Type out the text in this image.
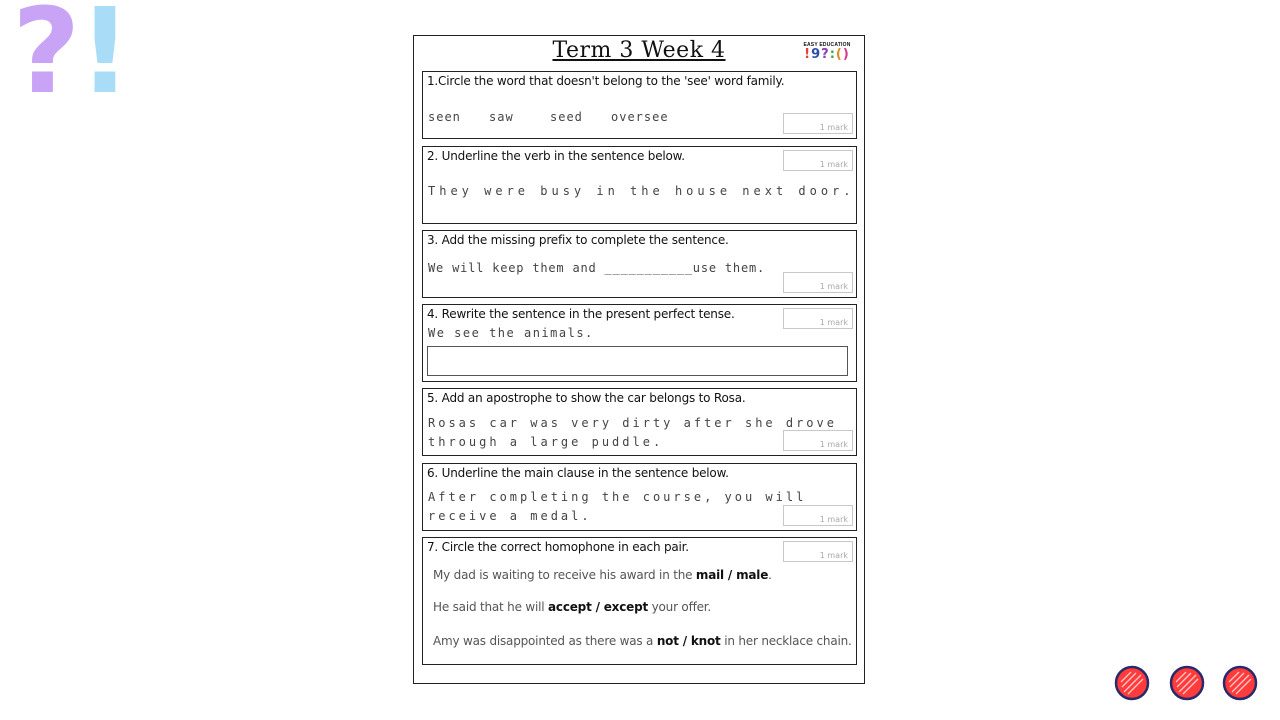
?
!	Term 3 Week 4	EASY EDUCATION
!9?:()
1.Circle the word that doesn't belong to the 'see' word family.
seen saw	seed oversee
1 mark
2. Underline the verb in the sentence below.
1 mark
They were busy in the house next door.
3. Add the missing prefix to complete the sentence.
We will keep them and ___________use them.
1 mark
4. Rewrite the sentence in the present perfect tense.
1 mark
We see the animals.
5. Add an apostrophe to show the car belongs to Rosa.
Rosas car was very dirty after she drove
through a large puddle.	1 mark
6. Underline the main clause in the sentence below.
After completing the course, you will
receive a medal.	1 mark
7. Circle the correct homophone in each pair.
1 mark
My dad is waiting to receive his award in the mail / male.
He said that he will accept / except your offer.
Amy was disappointed as there was a not / knot in her necklace chain.
